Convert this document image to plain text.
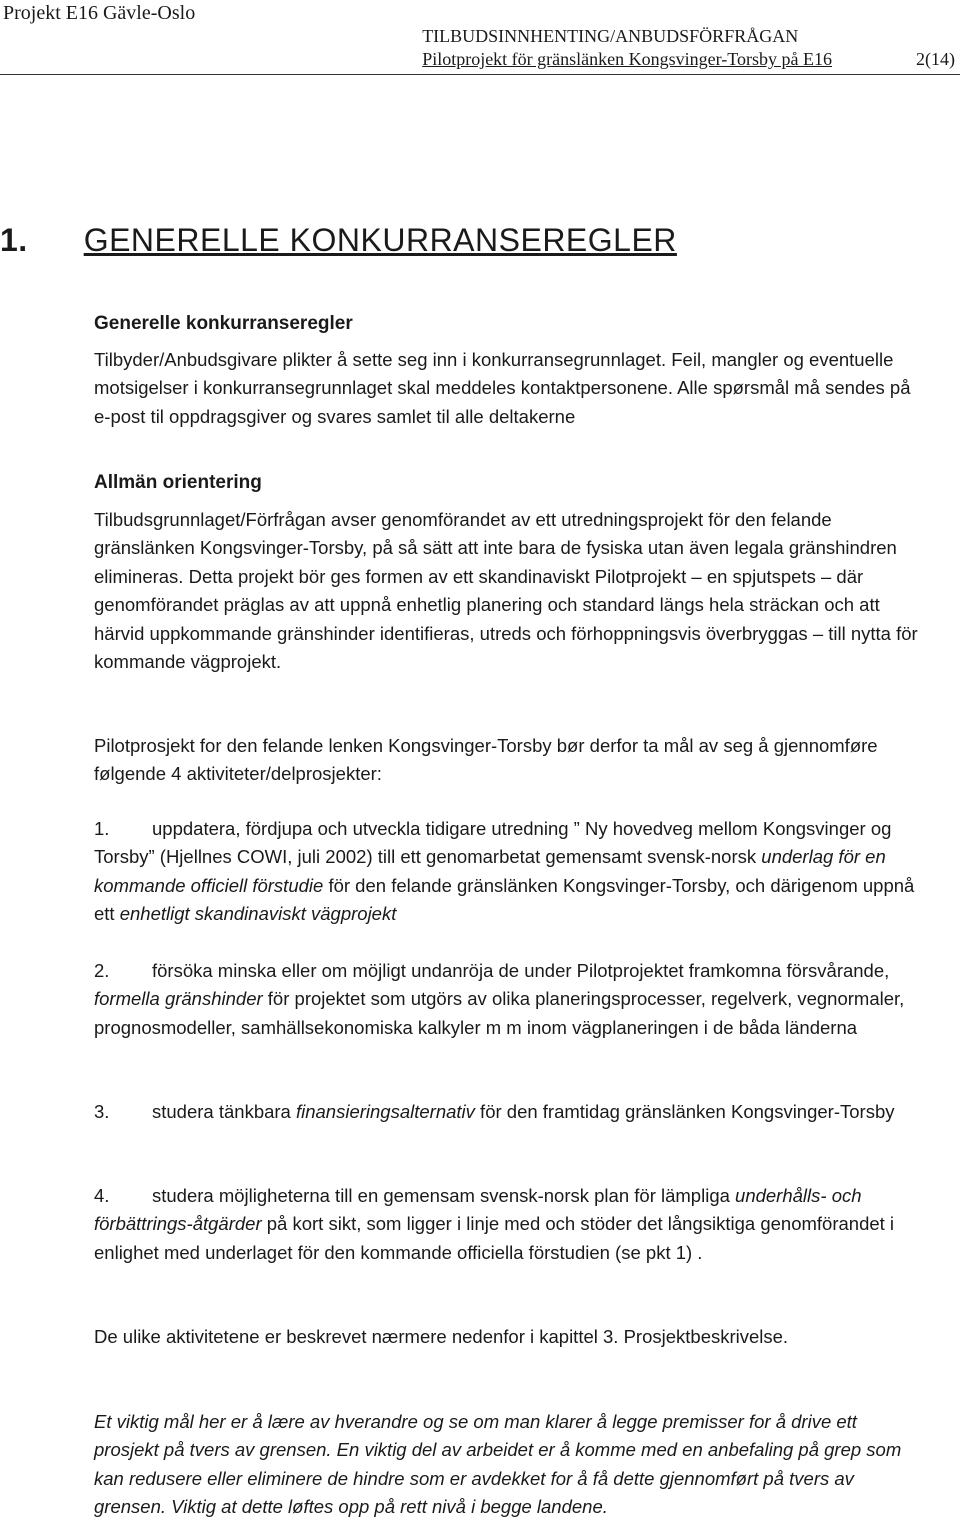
Projekt E16 Gävle-Oslo
TILBUDSINNHENTING/ANBUDSFÖRFRÅGAN
Pilotprojekt för gränslänken Kongsvinger-Torsby på E16	2(14)
1. GENERELLE KONKURRANSEREGLER
Generelle konkurranseregler
Tilbyder/Anbudsgivare plikter å sette seg inn i konkurransegrunnlaget. Feil, mangler og eventuelle motsigelser i konkurransegrunnlaget skal meddeles kontaktpersonene. Alle spørsmål må sendes på e-post til oppdragsgiver og svares samlet til alle deltakerne
Allmän orientering
Tilbudsgrunnlaget/Förfrågan avser genomförandet av ett utredningsprojekt för den felande gränslänken Kongsvinger-Torsby, på så sätt att inte bara de fysiska utan även legala gränshindren elimineras. Detta projekt bör ges formen av ett skandinaviskt Pilotprojekt – en spjutspets – där genomförandet präglas av att uppnå enhetlig planering och standard längs hela sträckan och att härvid uppkommande gränshinder identifieras, utreds och förhoppningsvis överbryggas – till nytta för kommande vägprojekt.
Pilotprosjekt for den felande lenken Kongsvinger-Torsby bør derfor ta mål av seg å gjennomføre følgende 4 aktiviteter/delprosjekter:
1. uppdatera, fördjupa och utveckla tidigare utredning ” Ny hovedveg mellom Kongsvinger og Torsby” (Hjellnes COWI, juli 2002) till ett genomarbetat gemensamt svensk-norsk underlag för en kommande officiell förstudie för den felande gränslänken Kongsvinger-Torsby, och därigenom uppnå ett enhetligt skandinaviskt vägprojekt
2. försöka minska eller om möjligt undanröja de under Pilotprojektet framkomna försvårande, formella gränshinder för projektet som utgörs av olika planeringsprocesser, regelverk, vegnormaler, prognosmodeller, samhällsekonomiska kalkyler m m inom vägplaneringen i de båda länderna
3. studera tänkbara finansieringsalternativ för den framtidag gränslänken Kongsvinger-Torsby
4. studera möjligheterna till en gemensam svensk-norsk plan för lämpliga underhålls- och förbättrings-åtgärder på kort sikt, som ligger i linje med och stöder det långsiktiga genomförandet i enlighet med underlaget för den kommande officiella förstudien (se pkt 1) .
De ulike aktivitetene er beskrevet nærmere nedenfor i kapittel 3. Prosjektbeskrivelse.
Et viktig mål her er å lære av hverandre og se om man klarer å legge premisser for å drive ett prosjekt på tvers av grensen. En viktig del av arbeidet er å komme med en anbefaling på grep som kan redusere eller eliminere de hindre som er avdekket for å få dette gjennomført på tvers av grensen. Viktig at dette løftes opp på rett nivå i begge landene.
